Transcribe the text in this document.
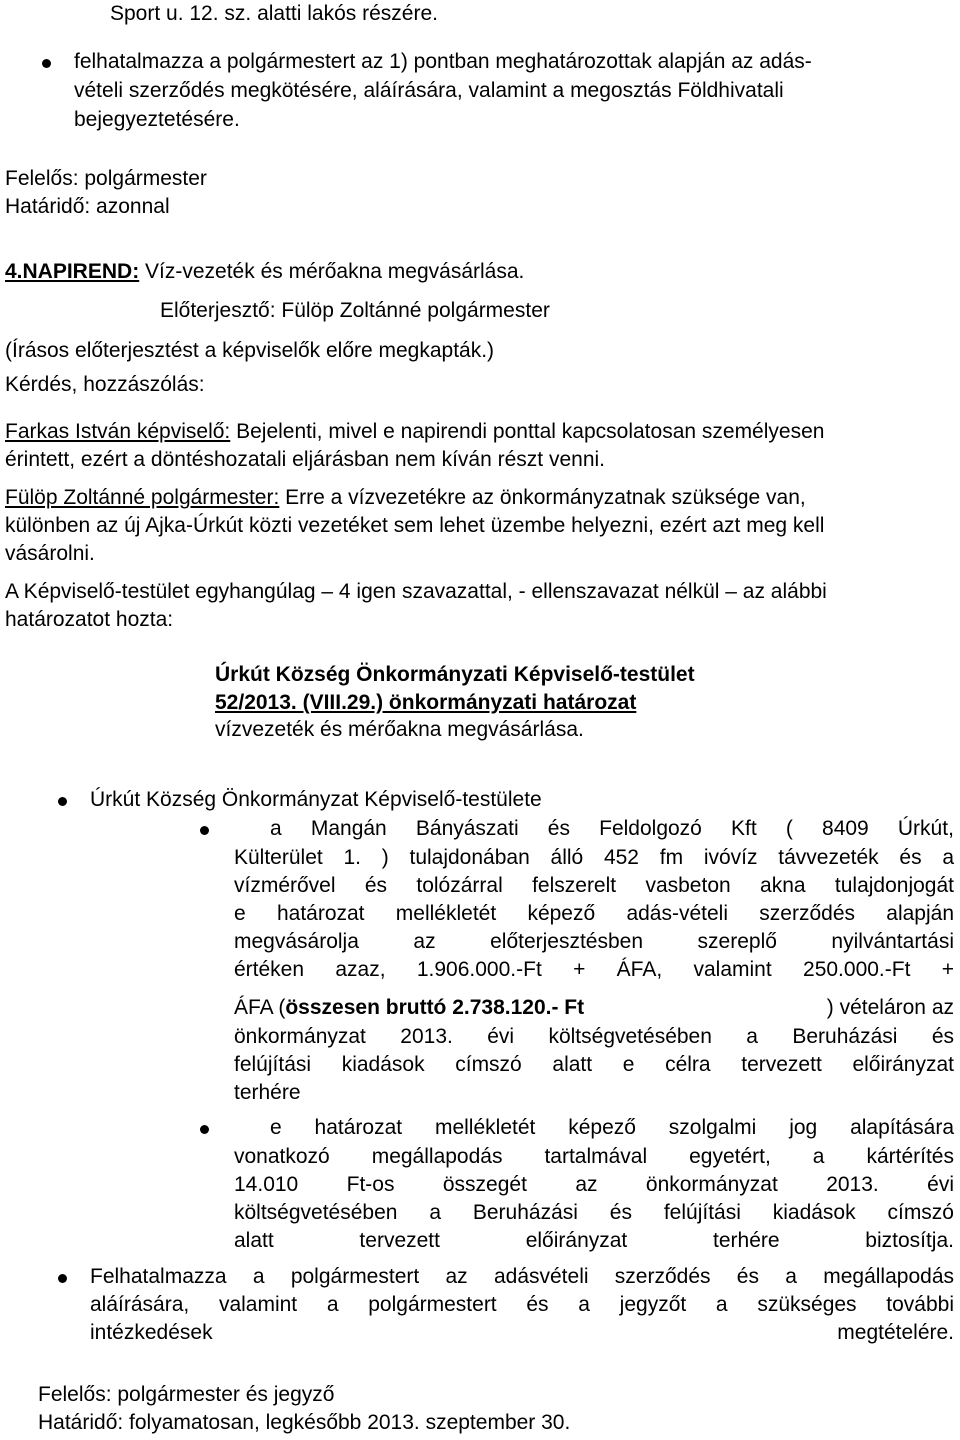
Sport u. 12. sz. alatti lakós részére.
felhatalmazza a polgármestert az 1) pontban meghatározottak alapján az adás-
vételi szerződés megkötésére, aláírására, valamint a megosztás Földhivatali
bejegyeztetésére.
Felelős: polgármester
Határidő: azonnal
4.NAPIREND: Víz-vezeték és mérőakna megvásárlása.
Előterjesztő: Fülöp Zoltánné polgármester
(Írásos előterjesztést a képviselők előre megkapták.)
Kérdés, hozzászólás:
Farkas István képviselő: Bejelenti, mivel e napirendi ponttal kapcsolatosan személyesen
érintett, ezért a döntéshozatali eljárásban nem kíván részt venni.
Fülöp Zoltánné polgármester: Erre a vízvezetékre az önkormányzatnak szüksége van,
különben az új Ajka-Úrkút közti vezetéket sem lehet üzembe helyezni, ezért azt meg kell
vásárolni.
A Képviselő-testület egyhangúlag – 4 igen szavazattal, - ellenszavazat nélkül – az alábbi
határozatot hozta:
Úrkút Község Önkormányzati Képviselő-testület
52/2013. (VIII.29.) önkormányzati határozat
vízvezeték és mérőakna megvásárlása.
Úrkút Község Önkormányzat Képviselő-testülete
a Mangán Bányászati és Feldolgozó Kft ( 8409 Úrkút,
Külterület 1. ) tulajdonában álló 452 fm ivóvíz távvezeték és a
vízmérővel és tolózárral felszerelt vasbeton akna tulajdonjogát
e határozat mellékletét képező adás-vételi szerződés alapján
megvásárolja az előterjesztésben szereplő nyilvántartási
értéken azaz, 1.906.000.-Ft + ÁFA, valamint 250.000.-Ft +
ÁFA (összesen bruttó 2.738.120.- Ft	) vételáron az
önkormányzat 2013. évi költségvetésében a Beruházási és
felújítási kiadások címszó alatt e célra tervezett előirányzat
terhére
e határozat mellékletét képező szolgalmi jog alapítására
vonatkozó megállapodás tartalmával egyetért, a kártérítés
14.010 Ft-os összegét az önkormányzat 2013. évi
költségvetésében a Beruházási és felújítási kiadások címszó
alatt tervezett előirányzat terhére biztosítja.
Felhatalmazza a polgármestert az adásvételi szerződés és a megállapodás
aláírására, valamint a polgármestert és a jegyzőt a szükséges további
intézkedések megtételére.
Felelős: polgármester és jegyző
Határidő: folyamatosan, legkésőbb 2013. szeptember 30.
